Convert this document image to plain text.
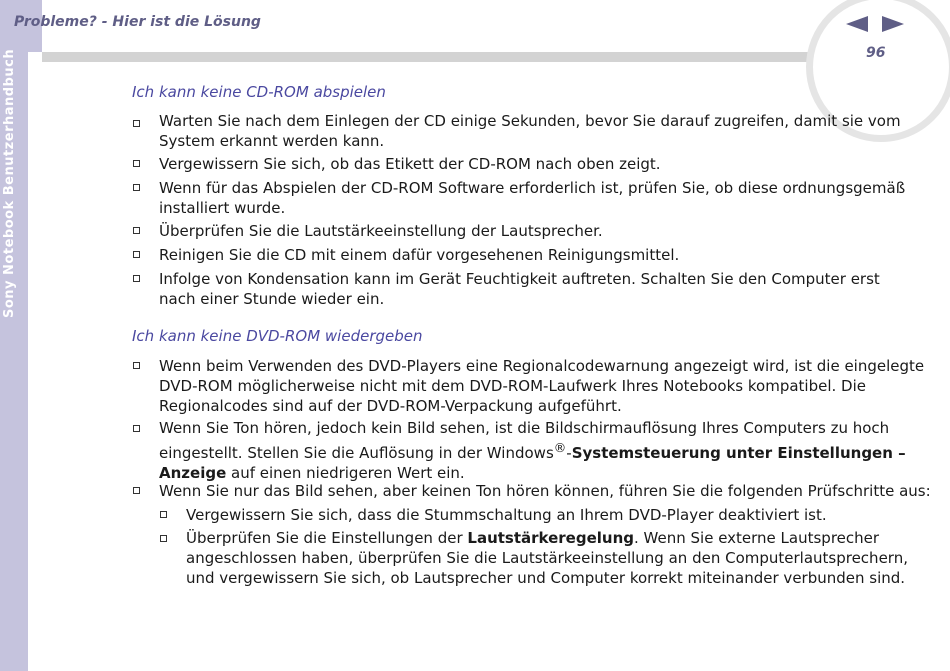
Sony Notebook Benutzerhandbuch
Probleme? - Hier ist die Lösung
96
Ich kann keine CD-ROM abspielen
Warten Sie nach dem Einlegen der CD einige Sekunden, bevor Sie darauf zugreifen, damit sie vom System erkannt werden kann.
Vergewissern Sie sich, ob das Etikett der CD-ROM nach oben zeigt.
Wenn für das Abspielen der CD-ROM Software erforderlich ist, prüfen Sie, ob diese ordnungsgemäß installiert wurde.
Überprüfen Sie die Lautstärkeeinstellung der Lautsprecher.
Reinigen Sie die CD mit einem dafür vorgesehenen Reinigungsmittel.
Infolge von Kondensation kann im Gerät Feuchtigkeit auftreten. Schalten Sie den Computer erst nach einer Stunde wieder ein.
Ich kann keine DVD-ROM wiedergeben
Wenn beim Verwenden des DVD-Players eine Regionalcodewarnung angezeigt wird, ist die eingelegte DVD-ROM möglicherweise nicht mit dem DVD-ROM-Laufwerk Ihres Notebooks kompatibel. Die Regionalcodes sind auf der DVD-ROM-Verpackung aufgeführt.
Wenn Sie Ton hören, jedoch kein Bild sehen, ist die Bildschirmauflösung Ihres Computers zu hoch eingestellt. Stellen Sie die Auflösung in der Windows®-Systemsteuerung unter Einstellungen – Anzeige auf einen niedrigeren Wert ein.
Wenn Sie nur das Bild sehen, aber keinen Ton hören können, führen Sie die folgenden Prüfschritte aus:
Vergewissern Sie sich, dass die Stummschaltung an Ihrem DVD-Player deaktiviert ist.
Überprüfen Sie die Einstellungen der Lautstärkeregelung. Wenn Sie externe Lautsprecher angeschlossen haben, überprüfen Sie die Lautstärkeeinstellung an den Computerlautsprechern, und vergewissern Sie sich, ob Lautsprecher und Computer korrekt miteinander verbunden sind.
